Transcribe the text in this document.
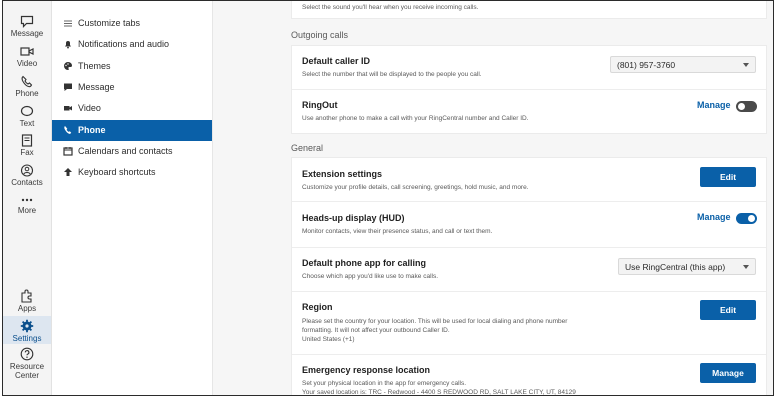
Message
Video
Phone
Text
Fax
Contacts
More
Apps
Settings
Resource
Center
Customize tabs
Notifications and audio
Themes
Message
Video
Phone
Calendars and contacts
Keyboard shortcuts
Select the sound you'll hear when you receive incoming calls.
Outgoing calls
Default caller ID
Select the number that will be displayed to the people you call.
(801) 957-3760
RingOut
Use another phone to make a call with your RingCentral number and Caller ID.
Manage
General
Extension settings
Customize your profile details, call screening, greetings, hold music, and more.
Edit
Heads-up display (HUD)
Monitor contacts, view their presence status, and call or text them.
Manage
Default phone app for calling
Choose which app you'd like use to make calls.
Use RingCentral (this app)
Region
Please set the country for your location. This will be used for local dialing and phone number formatting. It will not affect your outbound Caller ID.
United States (+1)
Edit
Emergency response location
Set your physical location in the app for emergency calls.
Your saved location is: TRC - Redwood - 4400 S REDWOOD RD, SALT LAKE CITY, UT, 84129
Manage
